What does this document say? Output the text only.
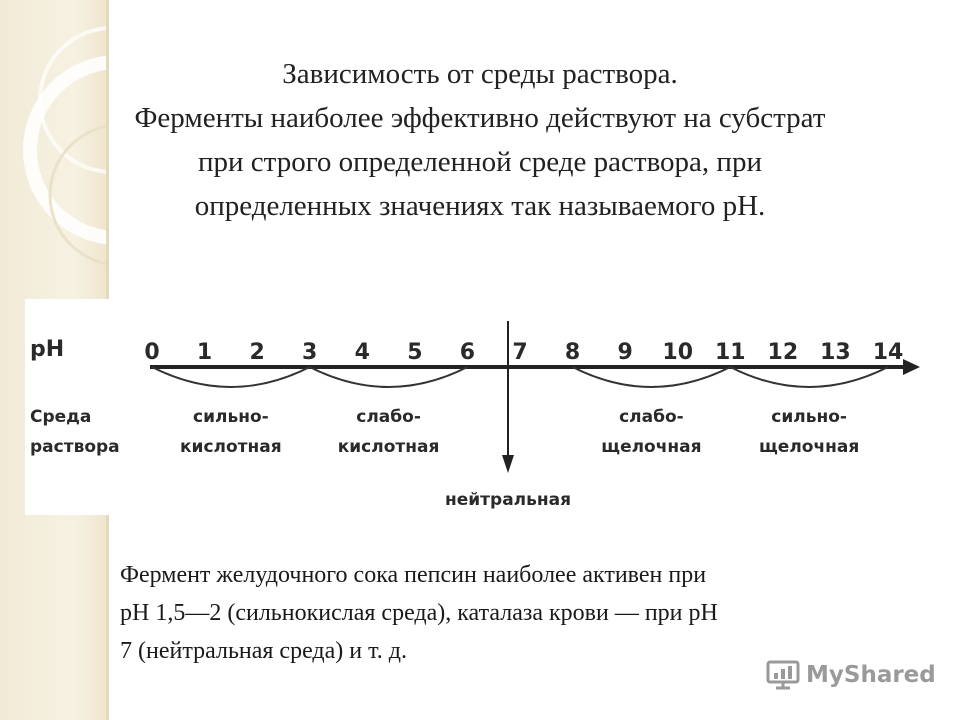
Зависимость от среды раствора.
Ферменты наиболее эффективно действуют на субстрат
при строго определенной среде раствора, при
определенных значениях так называемого рН.
рН
Среда
раствора
0 1 2 3 4 5 6 7 8 9 10 11 12 13 14
сильно-
кислотная
слабо-
кислотная
слабо-
щелочная
сильно-
щелочная
нейтральная
Фермент желудочного сока пепсин наиболее активен при
рН 1,5—2 (сильнокислая среда), каталаза крови — при рН
7 (нейтральная среда) и т. д.
MyShared
